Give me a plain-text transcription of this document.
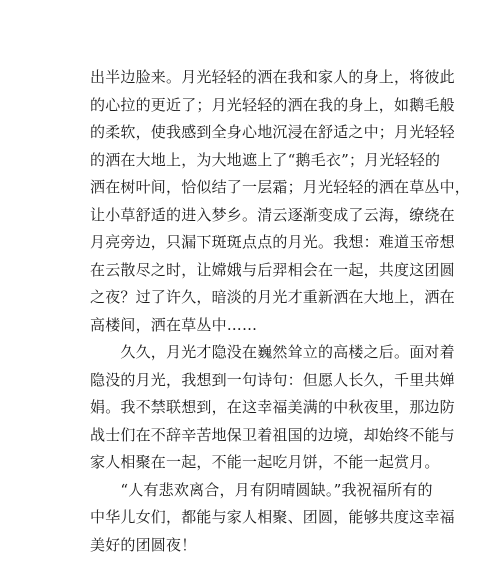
出半边脸来。月光轻轻的洒在我和家人的身上，将彼此
的心拉的更近了；月光轻轻的洒在我的身上，如鹅毛般
的柔软，使我感到全身心地沉浸在舒适之中；月光轻轻
的洒在大地上，为大地遮上了“鹅毛衣”；月光轻轻的
洒在树叶间，恰似结了一层霜；月光轻轻的洒在草丛中，
让小草舒适的进入梦乡。清云逐渐变成了云海，缭绕在
月亮旁边，只漏下斑斑点点的月光。我想：难道玉帝想
在云散尽之时，让嫦娥与后羿相会在一起，共度这团圆
之夜？过了许久，暗淡的月光才重新洒在大地上，洒在
高楼间，洒在草丛中……
　　久久，月光才隐没在巍然耸立的高楼之后。面对着
隐没的月光，我想到一句诗句：但愿人长久，千里共婵
娟。我不禁联想到，在这幸福美满的中秋夜里，那边防
战士们在不辞辛苦地保卫着祖国的边境，却始终不能与
家人相聚在一起，不能一起吃月饼，不能一起赏月。
　　“人有悲欢离合，月有阴晴圆缺。”我祝福所有的
中华儿女们，都能与家人相聚、团圆，能够共度这幸福
美好的团圆夜！
